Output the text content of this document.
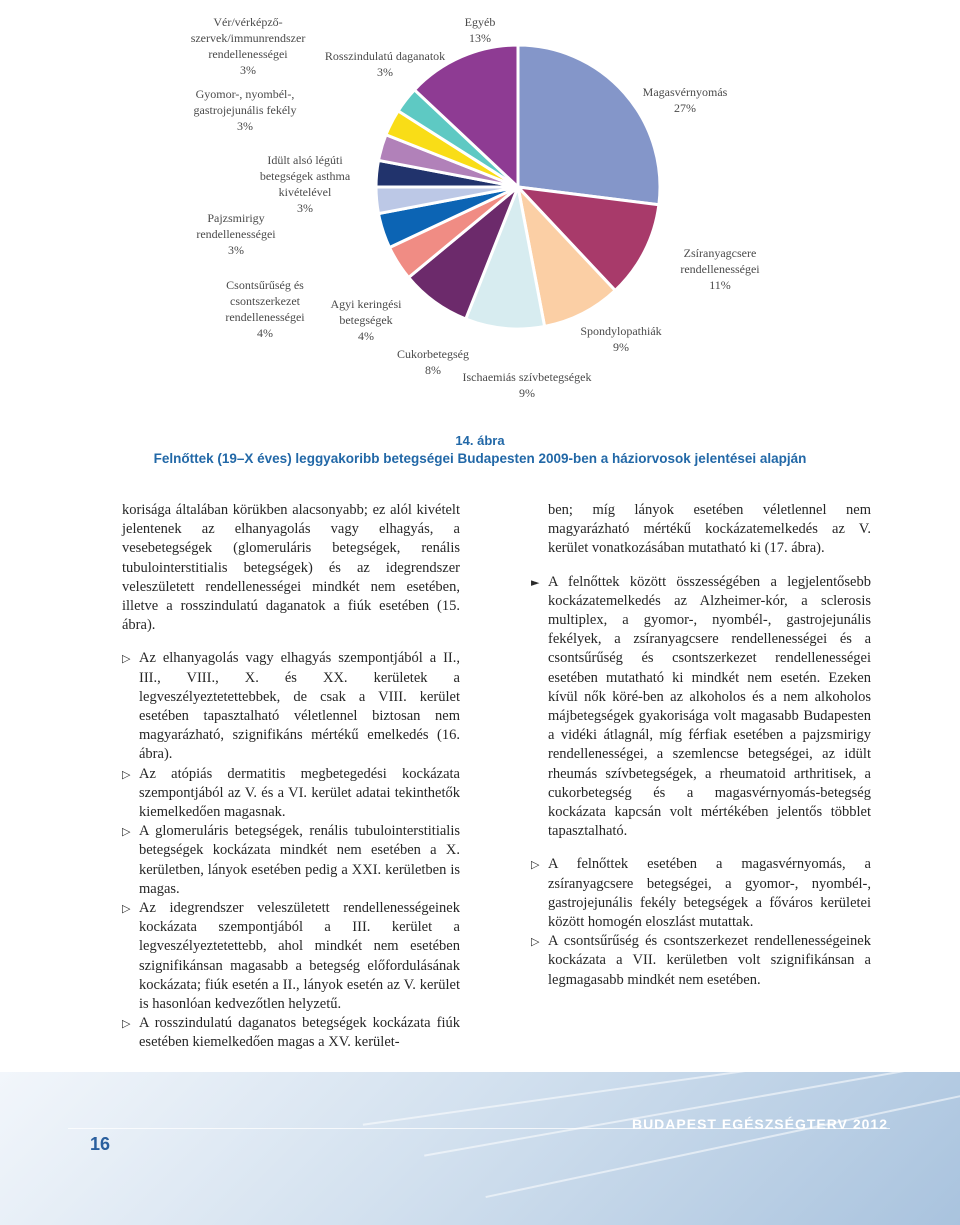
Egyéb

13%

Rosszindulatú daganatok

3%

Vér/vérképző-
szervek/immunrendszer
rendellenességei

3%

Gyomor-, nyombél-,
gastrojejunális fekély

3%

Idült alsó légúti
betegségek asthma
kivételével

3%

Pajzsmirigy
rendellenességei

3%

Csontsűrűség és
csontszerkezet
rendellenességei

4%

Agyi keringési
betegségek

4%

Cukorbetegség

8%	Ischaemiás szívbetegségek

9%

Spondylopathiák

9%

Zsíranyagcsere
rendellenességei

11%

Magasvérnyomás

27%

14. ábra
Felnőttek (19–X éves) leggyakoribb betegségei Budapesten 2009-ben a háziorvosok jelentései alapján

korisága általában körükben alacsonyabb; ez alól kivételt jelentenek az elhanyagolás vagy elhagyás, a vesebetegségek (glomeruláris betegségek, renális tubulointerstitialis betegségek) és az idegrendszer veleszületett rendellenességei mindkét nem esetében, illetve a rosszindulatú daganatok a fiúk esetében (15. ábra).

▷ Az elhanyagolás vagy elhagyás szempontjából a II., III., VIII., X. és XX. kerületek a legveszélyeztetettebbek, de csak a VIII. kerület esetében tapasztalható véletlennel biztosan nem magyarázható, szignifikáns mértékű emelkedés (16. ábra).

▷ Az atópiás dermatitis megbetegedési kockázata szempontjából az V. és a VI. kerület adatai tekinthetők kiemelkedően magasnak.

▷ A glomeruláris betegségek, renális tubulointerstitialis betegségek kockázata mindkét nem esetében a X. kerületben, lányok esetében pedig a XXI. kerületben is magas.

▷ Az idegrendszer veleszületett rendellenességeinek kockázata szempontjából a III. kerület a legveszélyeztetettebb, ahol mindkét nem esetében szignifikánsan magasabb a betegség előfordulásának kockázata; fiúk esetén a II., lányok esetén az V. kerület is hasonlóan kedvezőtlen helyzetű.

▷ A rosszindulatú daganatos betegségek kockázata fiúk esetében kiemelkedően magas a XV. kerület-

ben; míg lányok esetében véletlennel nem magyarázható mértékű kockázatemelkedés az V. kerület vonatkozásában mutatható ki (17. ábra).

► A felnőttek között összességében a legjelentősebb kockázatemelkedés az Alzheimer-kór, a sclerosis multiplex, a gyomor-, nyombél-, gastrojejunális fekélyek, a zsíranyagcsere rendellenességei és a csontsűrűség és csontszerkezet rendellenességei esetében mutatható ki mindkét nem esetén. Ezeken kívül nők köré-ben az alkoholos és a nem alkoholos májbetegségek gyakorisága volt magasabb Budapesten a vidéki átlagnál, míg férfiak esetében a pajzsmirigy rendellenességei, a szemlencse betegségei, az idült rheumás szívbetegségek, a rheumatoid arthritisek, a cukorbetegség és a magasvérnyomás-betegség kockázata kapcsán volt mértékében jelentős többlet tapasztalható.

▷ A felnőttek esetében a magasvérnyomás, a zsíranyagcsere betegségei, a gyomor-, nyombél-, gastrojejunális fekély betegségek a főváros kerületei között homogén eloszlást mutattak.

▷ A csontsűrűség és csontszerkezet rendellenességeinek kockázata a VII. kerületben volt szignifikánsan a legmagasabb mindkét nem esetében.

16
BUDAPEST EGÉSZSÉGTERV 2012
